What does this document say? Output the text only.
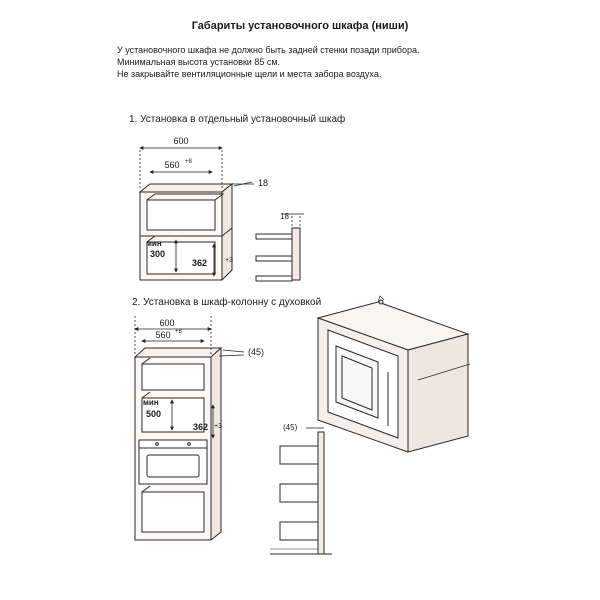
Габариты установочного шкафа (ниши)
У установочного шкафа не должно быть задней стенки позади прибора.
Минимальная высота установки 85 см.
Не закрывайте вентиляционные щели и места забора воздуха.
1. Установка в отдельный установочный шкаф
2. Установка в шкаф-колонну с духовкой
600
560 +8
18
мин
300
362	+3
18
600
560 +8
(45)
мин
500
362 +3	(45)
